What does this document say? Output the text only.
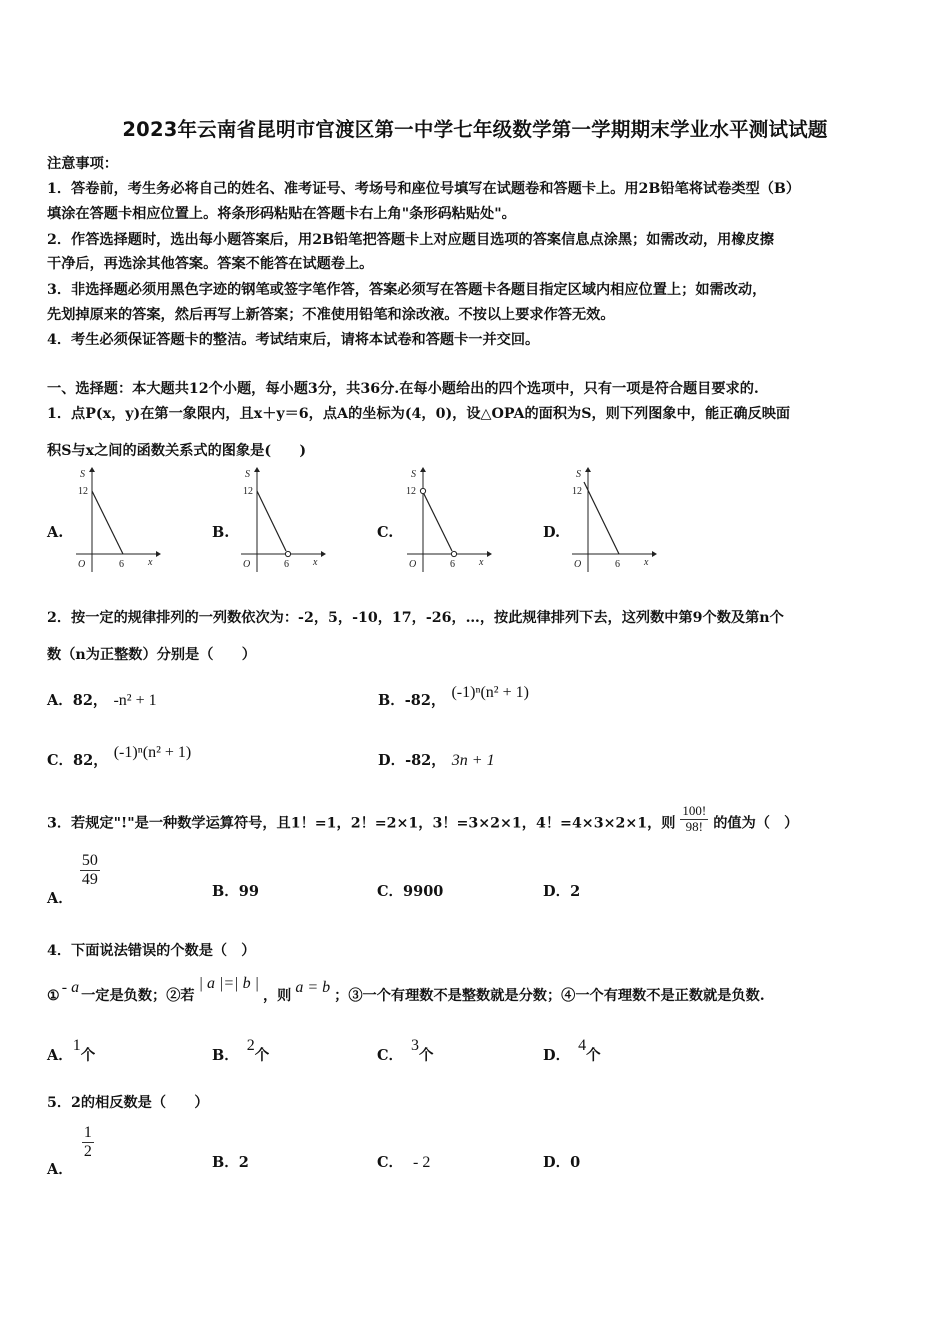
2023年云南省昆明市官渡区第一中学七年级数学第一学期期末学业水平测试试题
注意事项：
1．答卷前，考生务必将自己的姓名、准考证号、考场号和座位号填写在试题卷和答题卡上。用2B铅笔将试卷类型（B）
填涂在答题卡相应位置上。将条形码粘贴在答题卡右上角"条形码粘贴处"。
2．作答选择题时，选出每小题答案后，用2B铅笔把答题卡上对应题目选项的答案信息点涂黑；如需改动，用橡皮擦
干净后，再选涂其他答案。答案不能答在试题卷上。
3．非选择题必须用黑色字迹的钢笔或签字笔作答，答案必须写在答题卡各题目指定区域内相应位置上；如需改动，
先划掉原来的答案，然后再写上新答案；不准使用铅笔和涂改液。不按以上要求作答无效。
4．考生必须保证答题卡的整洁。考试结束后，请将本试卷和答题卡一并交回。
一、选择题：本大题共12个小题，每小题3分，共36分.在每小题给出的四个选项中，只有一项是符合题目要求的.
1．点P(x，y)在第一象限内，且x＋y＝6，点A的坐标为(4，0)，设△OPA的面积为S，则下列图象中，能正确反映面
积S与x之间的函数关系式的图象是(　　)
A.	B.	C.	D.
S
12
O	6 x
S
12
O	6 x
S
12
O	6 x
S
12
O	6 x
2．按一定的规律排列的一列数依次为：-2，5，-10，17，-26，…，按此规律排列下去，这列数中第9个数及第n个
数（n为正整数）分别是（　　）
A．82， -n² + 1	B．-82， (-1)ⁿ(n² + 1)
C．82， (-1)ⁿ(n² + 1)	D．-82， 3n + 1
3．若规定"!"是一种数学运算符号，且1！=1，2！=2×1，3！=3×2×1，4！=4×3×2×1，则 $\frac{100!}{98!}$ 的值为（　）
A．
$\frac{50}{49}$
B．99	C．9900	D．2
4．下面说法错误的个数是（　）
① - a 一定是负数；②若| a |=| b |，则 a = b ；③一个有理数不是整数就是分数；④一个有理数不是正数就是负数.
A．1个	B．2个	C．3个	D．4个
5．2的相反数是（　　）
A．
$\frac{1}{2}$
B．2	C． - 2	D．0
